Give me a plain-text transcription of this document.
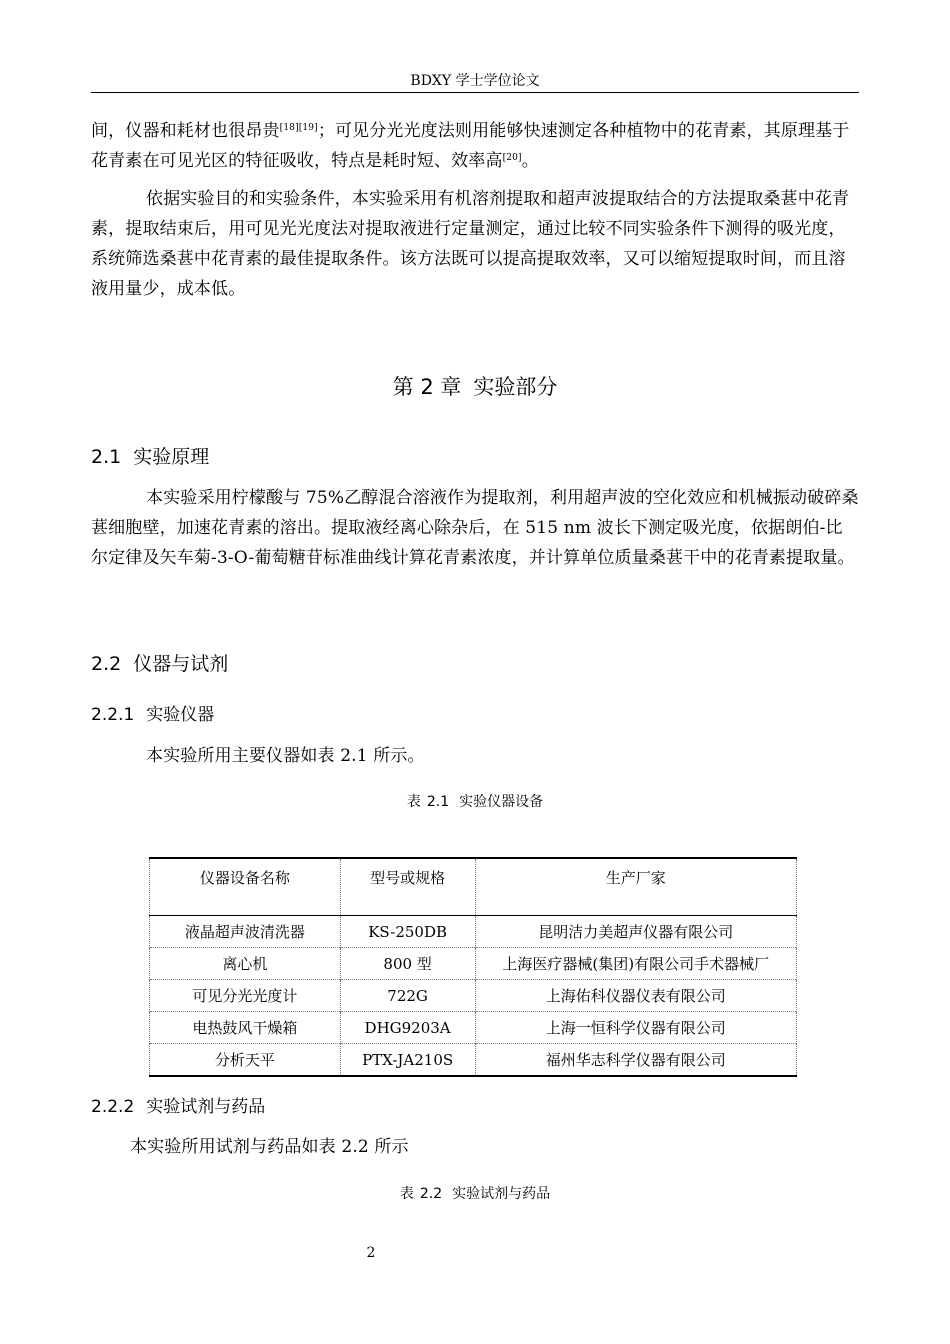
BDXY 学士学位论文

间，仪器和耗材也很昂贵[18][19]；可见分光光度法则用能够快速测定各种植物中的花青素，其原理基于花青素在可见光区的特征吸收，特点是耗时短、效率高[20]。

依据实验目的和实验条件，本实验采用有机溶剂提取和超声波提取结合的方法提取桑葚中花青素，提取结束后，用可见光光度法对提取液进行定量测定，通过比较不同实验条件下测得的吸光度，系统筛选桑葚中花青素的最佳提取条件。该方法既可以提高提取效率，又可以缩短提取时间，而且溶液用量少，成本低。

第 2 章 实验部分
2.1 实验原理

本实验采用柠檬酸与 75%乙醇混合溶液作为提取剂，利用超声波的空化效应和机械振动破碎桑葚细胞壁，加速花青素的溶出。提取液经离心除杂后，在 515 nm 波长下测定吸光度，依据朗伯-比尔定律及矢车菊-3-O-葡萄糖苷标准曲线计算花青素浓度，并计算单位质量桑葚干中的花青素提取量。

2.2 仪器与试剂
2.2.1 实验仪器

本实验所用主要仪器如表 2.1 所示。

表 2.1 实验仪器设备
仪器设备名称	型号或规格	生产厂家
液晶超声波清洗器	KS-250DB	昆明洁力美超声仪器有限公司
离心机	800 型	上海医疗器械(集团)有限公司手术器械厂
可见分光光度计	722G	上海佑科仪器仪表有限公司
电热鼓风干燥箱	DHG9203A	上海一恒科学仪器有限公司
分析天平	PTX-JA210S	福州华志科学仪器有限公司
2.2.2 实验试剂与药品

本实验所用试剂与药品如表 2.2 所示

表 2.2 实验试剂与药品
2
